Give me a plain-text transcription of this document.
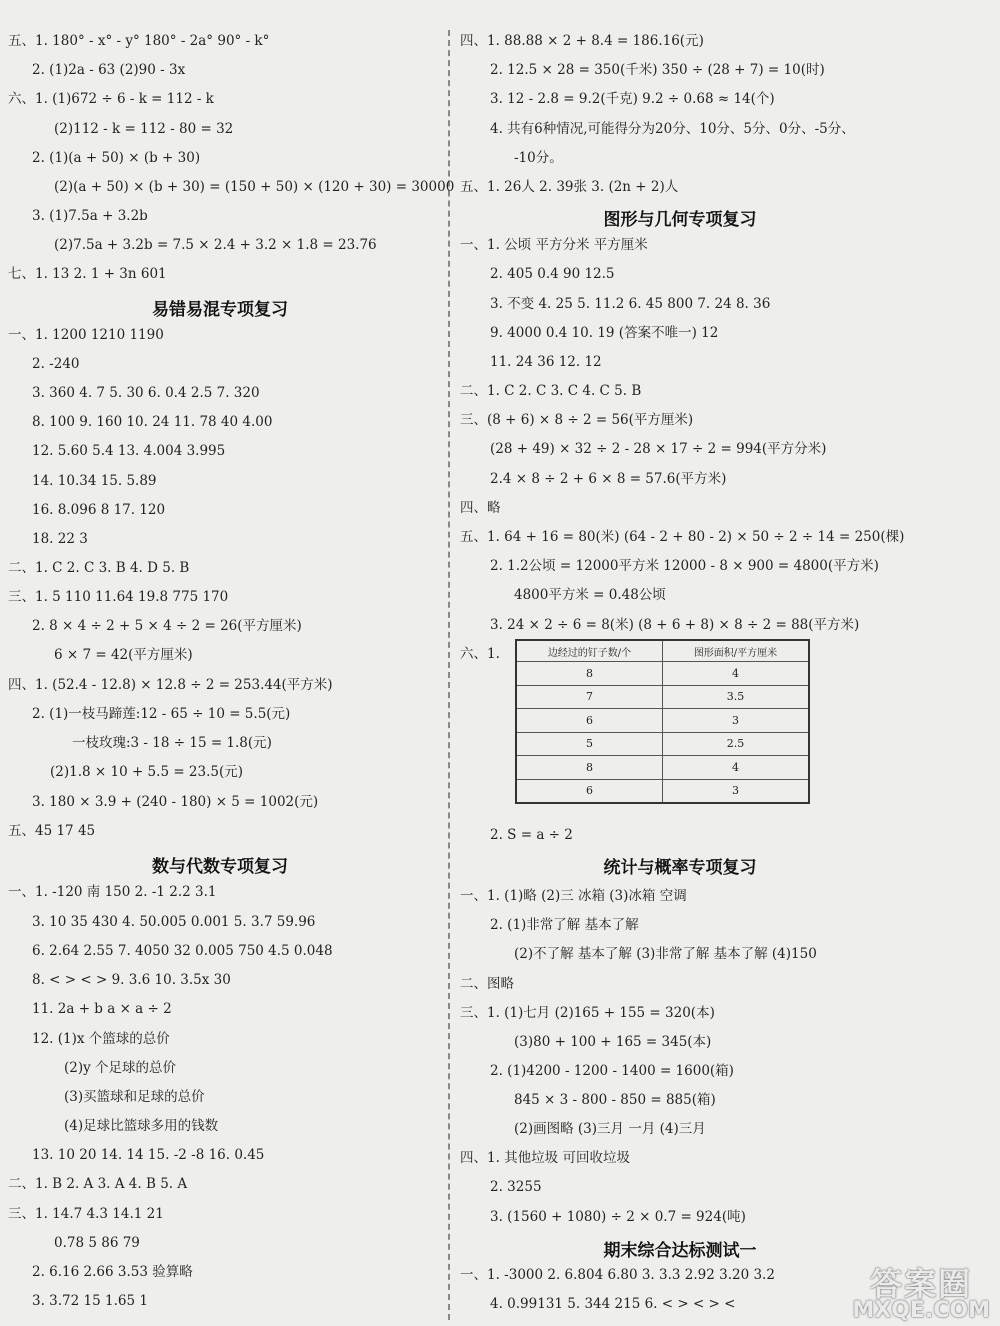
五、1. 180° - x° - y° 180° - 2a° 90° - k°
2. (1)2a - 63 (2)90 - 3x
六、1. (1)672 ÷ 6 - k = 112 - k
(2)112 - k = 112 - 80 = 32
2. (1)(a + 50) × (b + 30)
(2)(a + 50) × (b + 30) = (150 + 50) × (120 + 30) = 30000
3. (1)7.5a + 3.2b
(2)7.5a + 3.2b = 7.5 × 2.4 + 3.2 × 1.8 = 23.76
七、1. 13 2. 1 + 3n 601
一、1. 1200 1210 1190
2. -240
3. 360 4. 7 5. 30 6. 0.4 2.5 7. 320
8. 100 9. 160 10. 24 11. 78 40 4.00
12. 5.60 5.4 13. 4.004 3.995
14. 10.34 15. 5.89
16. 8.096 8 17. 120
18. 22 3
二、1. C 2. C 3. B 4. D 5. B
三、1. 5 110 11.64 19.8 775 170
2. 8 × 4 ÷ 2 + 5 × 4 ÷ 2 = 26(平方厘米)
6 × 7 = 42(平方厘米)
四、1. (52.4 - 12.8) × 12.8 ÷ 2 = 253.44(平方米)
2. (1)一枝马蹄莲:12 - 65 ÷ 10 = 5.5(元)
一枝玫瑰:3 - 18 ÷ 15 = 1.8(元)
(2)1.8 × 10 + 5.5 = 23.5(元)
3. 180 × 3.9 + (240 - 180) × 5 = 1002(元)
五、45 17 45
一、1. -120 南 150 2. -1 2.2 3.1
3. 10 35 430 4. 50.005 0.001 5. 3.7 59.96
6. 2.64 2.55 7. 4050 32 0.005 750 4.5 0.048
8. < > < > 9. 3.6 10. 3.5x 30
11. 2a + b a × a ÷ 2
12. (1)x 个篮球的总价
(2)y 个足球的总价
(3)买篮球和足球的总价
(4)足球比篮球多用的钱数
13. 10 20 14. 14 15. -2 -8 16. 0.45
二、1. B 2. A 3. A 4. B 5. A
三、1. 14.7 4.3 14.1 21
0.78 5 86 79
2. 6.16 2.66 3.53 验算略
3. 3.72 15 1.65 1
易错易混专项复习
数与代数专项复习
四、1. 88.88 × 2 + 8.4 = 186.16(元)
2. 12.5 × 28 = 350(千米) 350 ÷ (28 + 7) = 10(时)
3. 12 - 2.8 = 9.2(千克) 9.2 ÷ 0.68 ≈ 14(个)
4. 共有6种情况,可能得分为20分、10分、5分、0分、-5分、
-10分。
五、1. 26人 2. 39张 3. (2n + 2)人
一、1. 公顷 平方分米 平方厘米
2. 405 0.4 90 12.5
3. 不变 4. 25 5. 11.2 6. 45 800 7. 24 8. 36
9. 4000 0.4 10. 19 (答案不唯一) 12
11. 24 36 12. 12
二、1. C 2. C 3. C 4. C 5. B
三、(8 + 6) × 8 ÷ 2 = 56(平方厘米)
(28 + 49) × 32 ÷ 2 - 28 × 17 ÷ 2 = 994(平方分米)
2.4 × 8 ÷ 2 + 6 × 8 = 57.6(平方米)
四、略
五、1. 64 + 16 = 80(米) (64 - 2 + 80 - 2) × 50 ÷ 2 ÷ 14 = 250(棵)
2. 1.2公顷 = 12000平方米 12000 - 8 × 900 = 4800(平方米)
4800平方米 = 0.48公顷
3. 24 × 2 ÷ 6 = 8(米) (8 + 6 + 8) × 8 ÷ 2 = 88(平方米)
六、1.
2. S = a ÷ 2
一、1. (1)略 (2)三 冰箱 (3)冰箱 空调
2. (1)非常了解 基本了解
(2)不了解 基本了解 (3)非常了解 基本了解 (4)150
二、图略
三、1. (1)七月 (2)165 + 155 = 320(本)
(3)80 + 100 + 165 = 345(本)
2. (1)4200 - 1200 - 1400 = 1600(箱)
845 × 3 - 800 - 850 = 885(箱)
(2)画图略 (3)三月 一月 (4)三月
四、1. 其他垃圾 可回收垃圾
2. 3255
3. (1560 + 1080) ÷ 2 × 0.7 = 924(吨)
一、1. -3000 2. 6.804 6.80 3. 3.3 2.92 3.20 3.2
4. 0.99131 5. 344 215 6. < > < > <
图形与几何专项复习
统计与概率专项复习
期末综合达标测试一
边经过的钉子数/个	图形面积/平方厘米
8	4
7	3.5
6	3
5	2.5
8	4
6	3
答案圈
MXQE.COM
